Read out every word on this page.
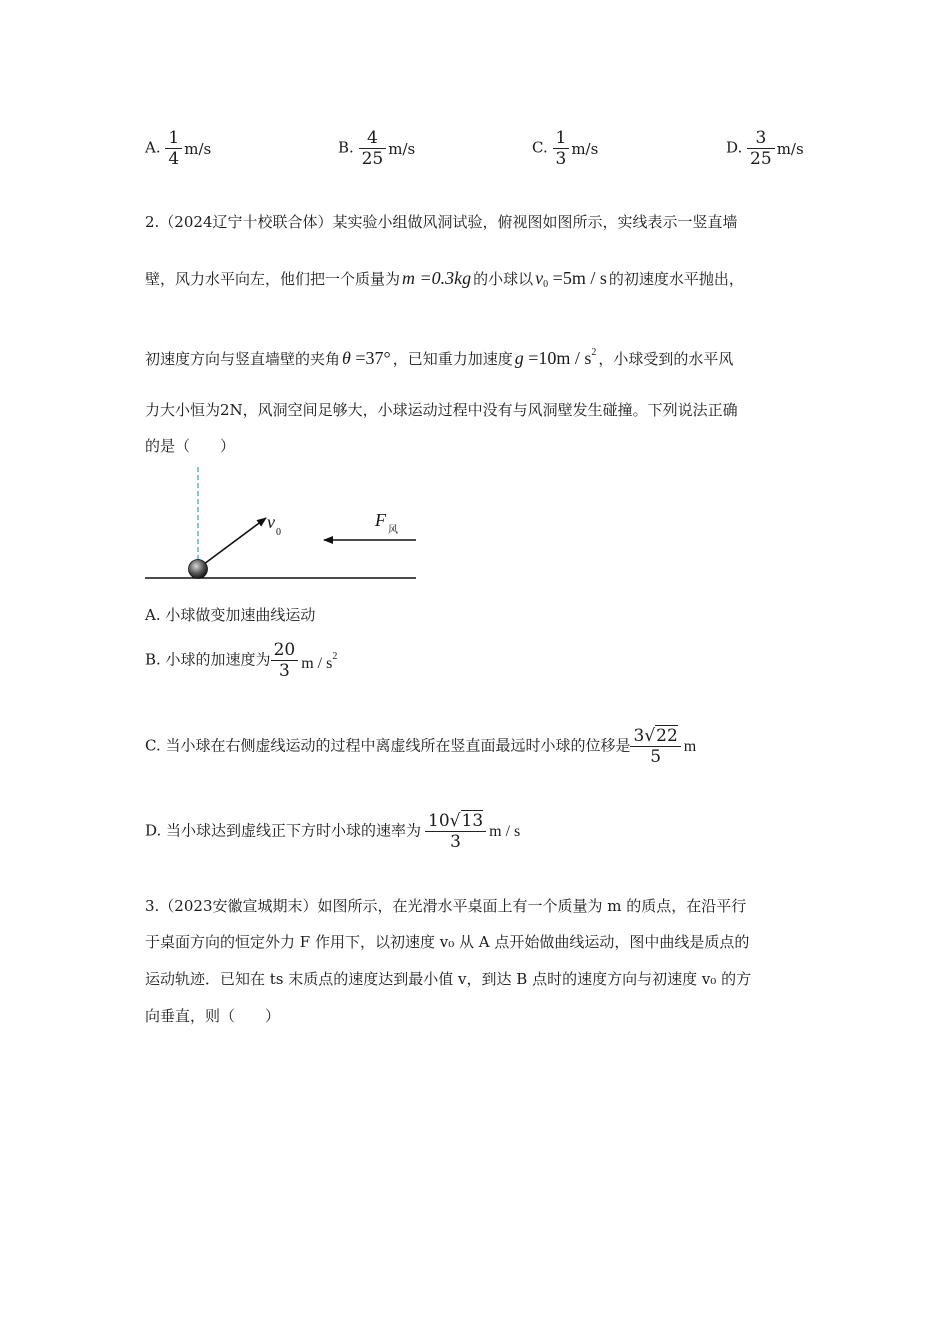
A. $\frac{1}{4} m/s$	B. $\frac{4}{25} m/s$	C. $\frac{1}{3} m/s$	D. $\frac{3}{25} m/s$
2.（2024辽宁十校联合体）某实验小组做风洞试验，俯视图如图所示，实线表示一竖直墙
壁，风力水平向左，他们把一个质量为 m =0.3kg 的小球以 $v_0 =5m / s$ 的初速度水平抛出，
初速度方向与竖直墙壁的夹角 θ =37° ，已知重力加速度 $g =10m / s^2$ ，小球受到的水平风
力大小恒为2N，风洞空间足够大，小球运动过程中没有与风洞壁发生碰撞。下列说法正确
的是（　　）
v
0
F
风
A. 小球做变加速曲线运动
B. 小球的加速度为 $\frac{20}{3}$ m / $s^2$
C. 当小球在右侧虚线运动的过程中离虚线所在竖直面最远时小球的位移是 $\frac{3√22}{5}$ m
D. 当小球达到虚线正下方时小球的速率为 $\frac{10√13}{3}$ m / s
3.（2023安徽宣城期末）如图所示，在光滑水平桌面上有一个质量为 m 的质点，在沿平行
于桌面方向的恒定外力 F 作用下，以初速度 v₀ 从 A 点开始做曲线运动，图中曲线是质点的
运动轨迹．已知在 ts 末质点的速度达到最小值 v，到达 B 点时的速度方向与初速度 v₀ 的方
向垂直，则（　　）
